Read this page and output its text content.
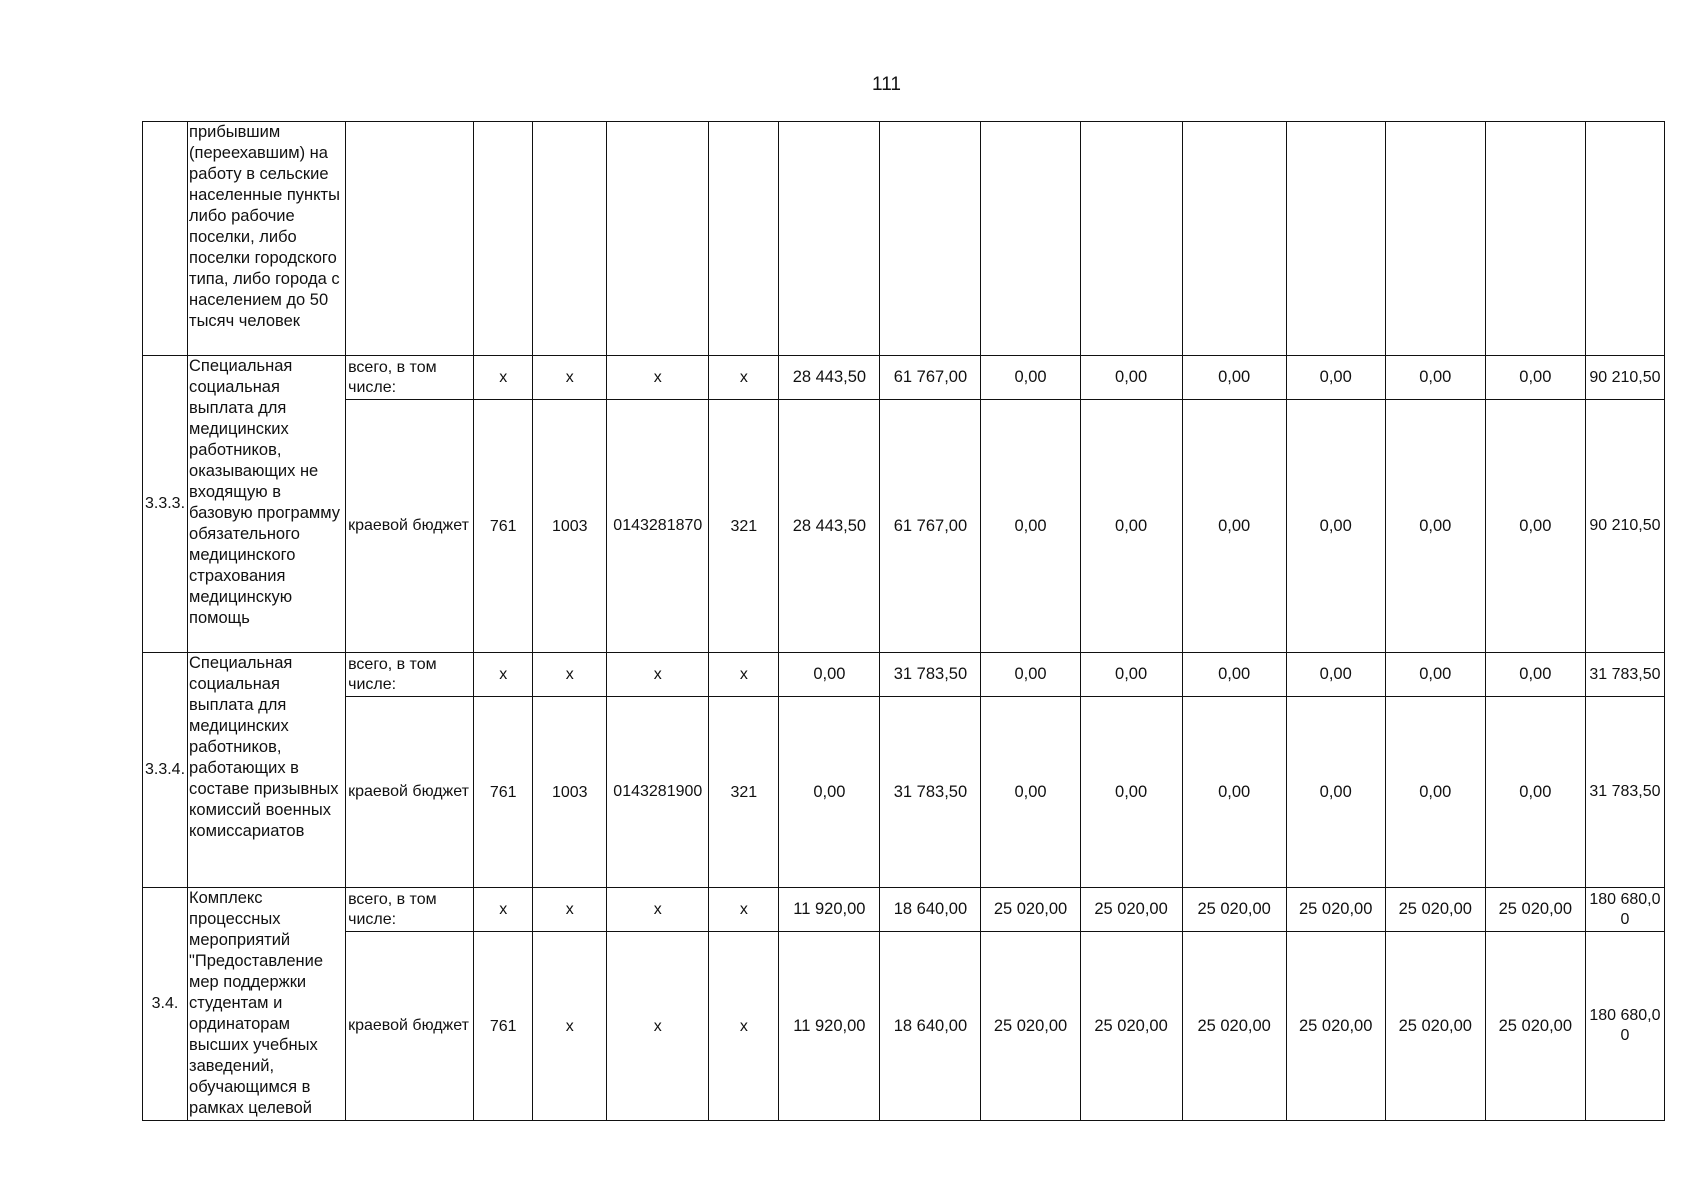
111
	прибывшим (переехавшим) на работу в сельские населенные пункты либо рабочие поселки, либо поселки городского типа, либо города с населением до 50 тысяч человек														
3.3.3.	Специальная социальная выплата для медицинских работников, оказывающих не входящую в базовую программу обязательного медицинского страхования медицинскую помощь	всего, в том числе:	х	х	х	х	28 443,50	61 767,00	0,00	0,00	0,00	0,00	0,00	0,00	90 210,50
		краевой бюджет	761	1003	0143281870	321	28 443,50	61 767,00	0,00	0,00	0,00	0,00	0,00	0,00	90 210,50
3.3.4.	Специальная социальная выплата для медицинских работников, работающих в составе призывных комиссий военных комиссариатов	всего, в том числе:	х	х	х	х	0,00	31 783,50	0,00	0,00	0,00	0,00	0,00	0,00	31 783,50
		краевой бюджет	761	1003	0143281900	321	0,00	31 783,50	0,00	0,00	0,00	0,00	0,00	0,00	31 783,50
3.4.	Комплекс процессных мероприятий "Предоставление мер поддержки студентам и ординаторам высших учебных заведений, обучающимся в рамках целевой	всего, в том числе:	х	х	х	х	11 920,00	18 640,00	25 020,00	25 020,00	25 020,00	25 020,00	25 020,00	25 020,00	180 680,00
		краевой бюджет	761	х	х	х	11 920,00	18 640,00	25 020,00	25 020,00	25 020,00	25 020,00	25 020,00	25 020,00	180 680,00
